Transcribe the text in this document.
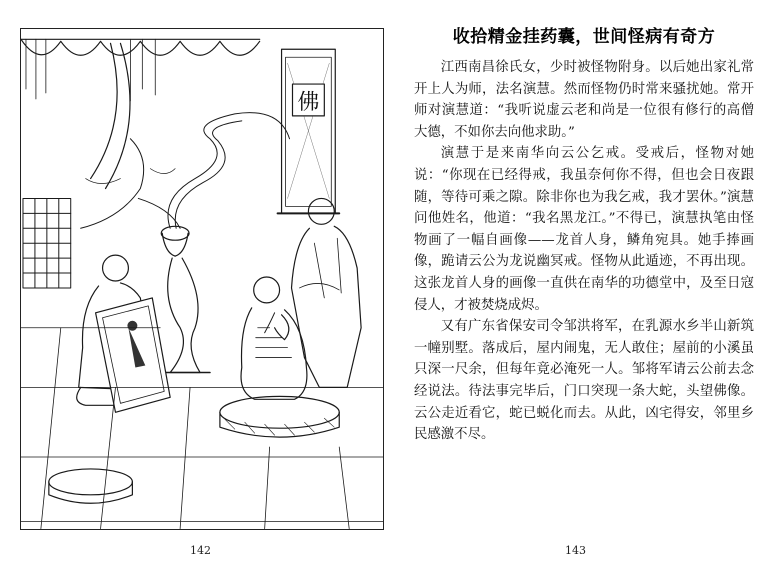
佛
142
收拾精金挂药囊，世间怪病有奇方

江西南昌徐氏女，少时被怪物附身。以后她出家礼常开上人为师，法名演慧。然而怪物仍时常来骚扰她。常开师对演慧道：“我听说虚云老和尚是一位很有修行的高僧大德，不如你去向他求助。”

演慧于是来南华向云公乞戒。受戒后，怪物对她说：“你现在已经得戒，我虽奈何你不得，但也会日夜跟随，等待可乘之隙。除非你也为我乞戒，我才罢休。”演慧问他姓名，他道：“我名黑龙江。”不得已，演慧执笔由怪物画了一幅自画像——龙首人身，鳞角宛具。她手捧画像，跪请云公为龙说幽冥戒。怪物从此遁迹，不再出现。这张龙首人身的画像一直供在南华的功德堂中，及至日寇侵人，才被焚烧成烬。

又有广东省保安司令邹洪将军，在乳源水乡半山新筑一幢别墅。落成后，屋内闹鬼，无人敢住；屋前的小溪虽只深一尺余，但每年竟必淹死一人。邹将军请云公前去念经说法。待法事完毕后，门口突现一条大蛇，头望佛像。云公走近看它，蛇已蜕化而去。从此，凶宅得安，邻里乡民感激不尽。

143
